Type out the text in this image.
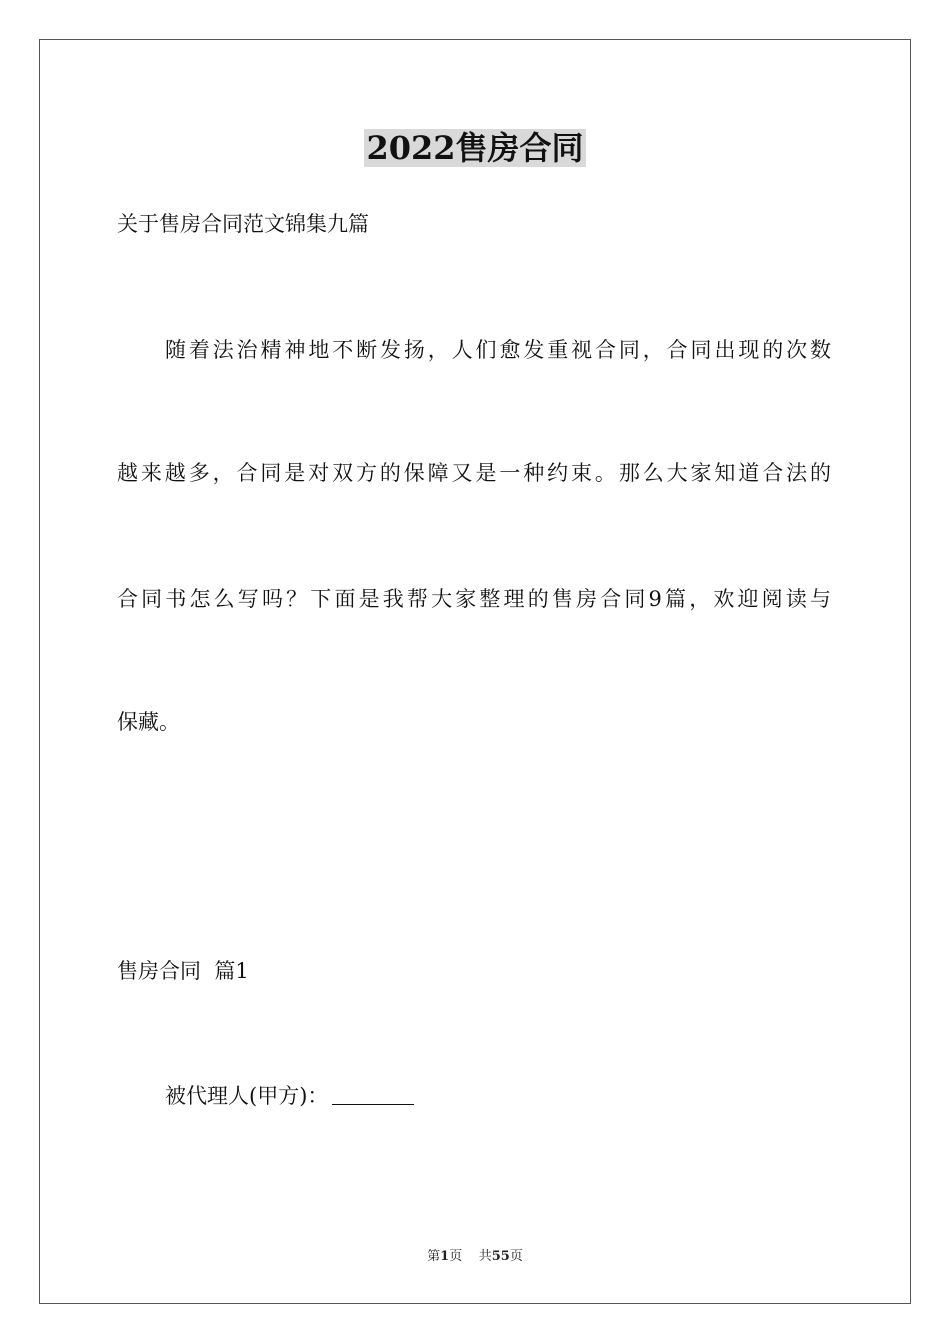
2022售房合同
关于售房合同范文锦集九篇
随着法治精神地不断发扬，人们愈发重视合同，合同出现的次数
越来越多，合同是对双方的保障又是一种约束。那么大家知道合法的
合同书怎么写吗？下面是我帮大家整理的售房合同9篇，欢迎阅读与
保藏。
售房合同  篇1
被代理人(甲方)：
第1页 共55页
